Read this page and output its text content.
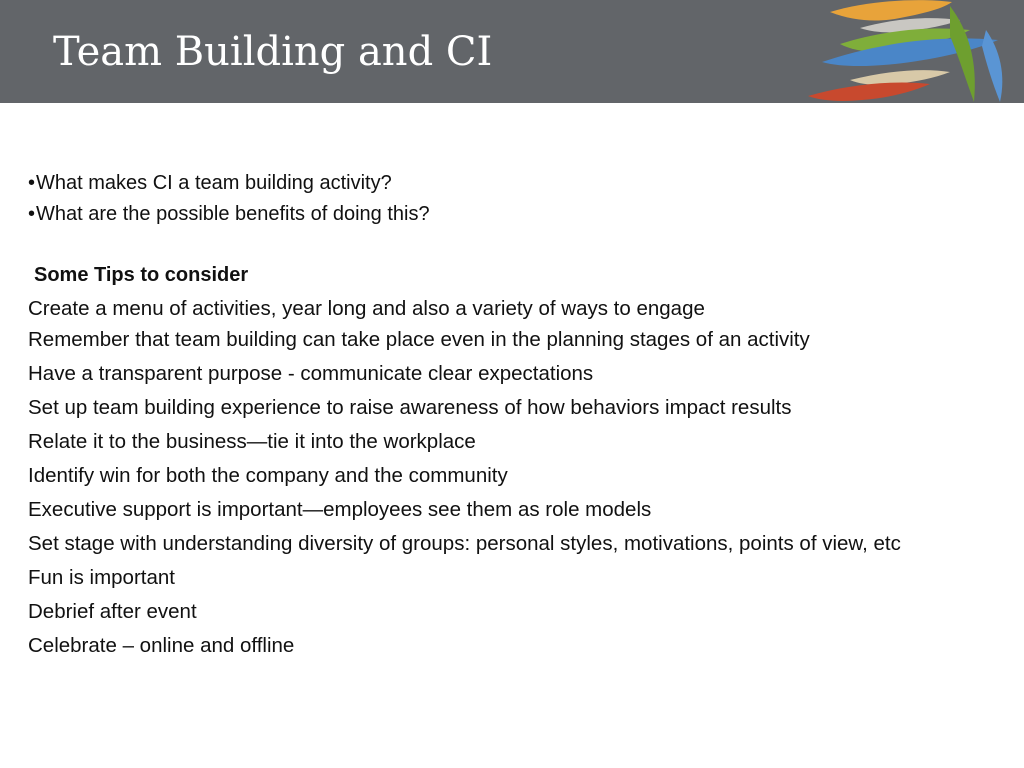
Team Building and CI
•What makes CI a team building activity?
•What are the possible benefits of doing this?
Some Tips to consider
Create a menu of activities, year long and also a variety of ways to engage
Remember that team building can take place even in the planning stages of an activity
Have a transparent purpose - communicate clear expectations
Set up team building experience to raise awareness of how behaviors impact results
Relate it to the business—tie it into the workplace
Identify win for both the company and the community
Executive support is important—employees see them as role models
Set stage with understanding diversity of groups: personal styles, motivations, points of view, etc
Fun is important
Debrief after event
Celebrate – online and offline
